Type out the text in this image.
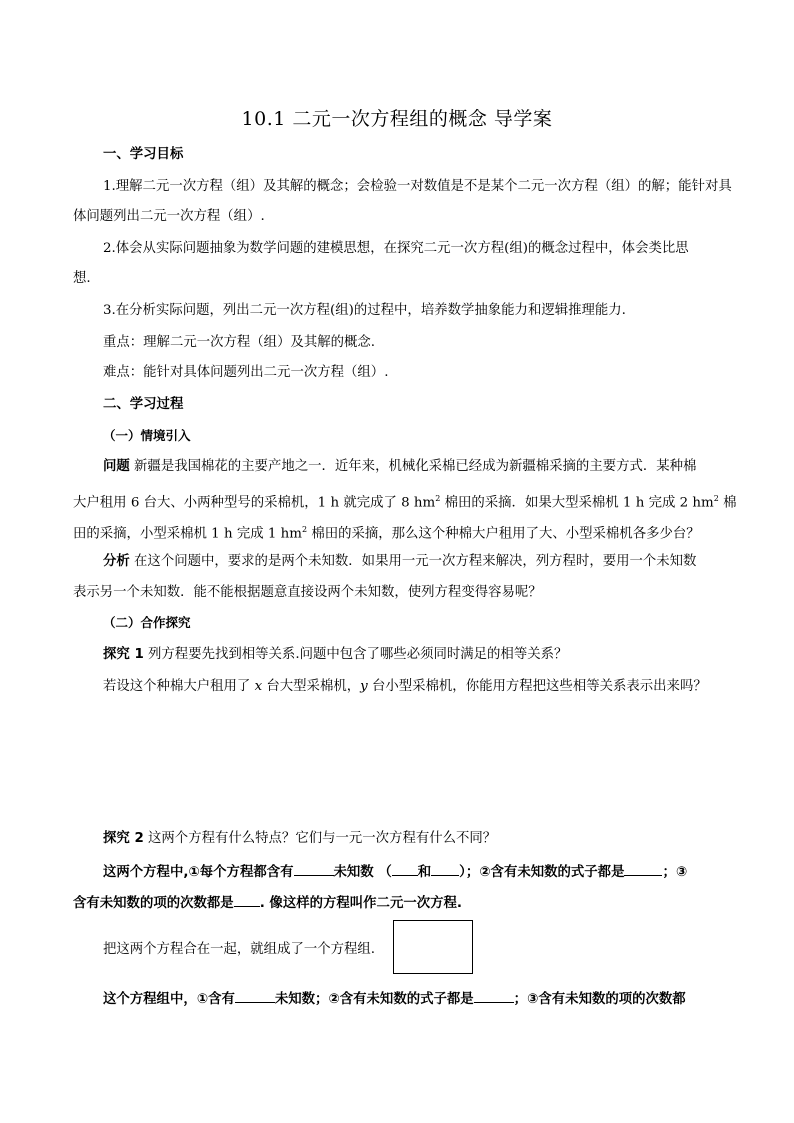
10.1 二元一次方程组的概念 导学案
一、学习目标
1.理解二元一次方程（组）及其解的概念；会检验一对数值是不是某个二元一次方程（组）的解；能针对具
体问题列出二元一次方程（组）.
2.体会从实际问题抽象为数学问题的建模思想，在探究二元一次方程(组)的概念过程中，体会类比思
想.
3.在分析实际问题，列出二元一次方程(组)的过程中，培养数学抽象能力和逻辑推理能力.
重点：理解二元一次方程（组）及其解的概念.
难点：能针对具体问题列出二元一次方程（组）.
二、学习过程
（一）情境引入
问题 新疆是我国棉花的主要产地之一．近年来，机械化采棉已经成为新疆棉采摘的主要方式．某种棉
大户租用 6 台大、小两种型号的采棉机，1 h 就完成了 8 $hm^2$ 棉田的采摘．如果大型采棉机 1 h 完成 2 $hm^2$ 棉
田的采摘，小型采棉机 1 h 完成 1 $hm^2$ 棉田的采摘，那么这个种棉大户租用了大、小型采棉机各多少台？
分析 在这个问题中，要求的是两个未知数．如果用一元一次方程来解决，列方程时，要用一个未知数
表示另一个未知数．能不能根据题意直接设两个未知数，使列方程变得容易呢？
（二）合作探究
探究 1 列方程要先找到相等关系.问题中包含了哪些必须同时满足的相等关系？
若设这个种棉大户租用了 x 台大型采棉机，y 台小型采棉机，你能用方程把这些相等关系表示出来吗？
探究 2 这两个方程有什么特点？它们与一元一次方程有什么不同？
这两个方程中,①每个方程都含有	未知数 （ 和 ）；②含有未知数的式子都是	；③
含有未知数的项的次数都是 . 像这样的方程叫作二元一次方程.
把这两个方程合在一起，就组成了一个方程组.
这个方程组中，①含有	未知数；②含有未知数的式子都是	；③含有未知数的项的次数都
